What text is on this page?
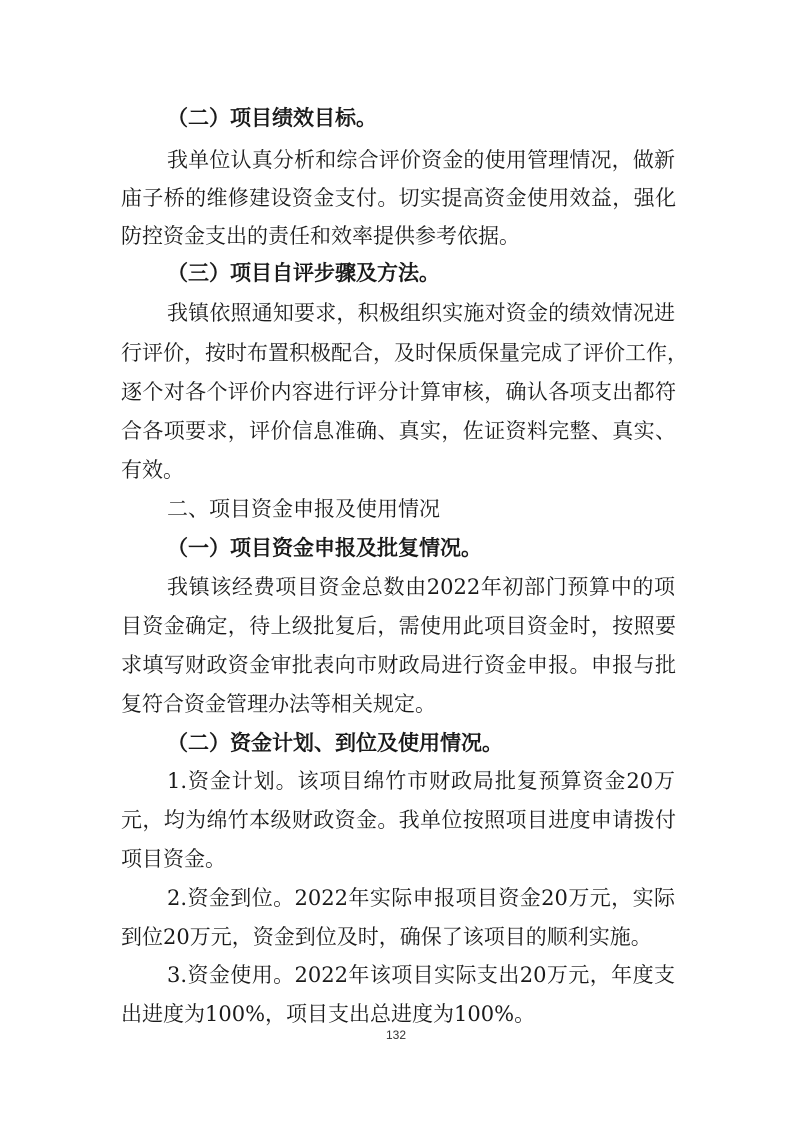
（二）项目绩效目标。
我单位认真分析和综合评价资金的使用管理情况，做新
庙子桥的维修建设资金支付。切实提高资金使用效益，强化
防控资金支出的责任和效率提供参考依据。
（三）项目自评步骤及方法。
我镇依照通知要求，积极组织实施对资金的绩效情况进
行评价，按时布置积极配合，及时保质保量完成了评价工作，
逐个对各个评价内容进行评分计算审核，确认各项支出都符
合各项要求，评价信息准确、真实，佐证资料完整、真实、
有效。
二、项目资金申报及使用情况
（一）项目资金申报及批复情况。
我镇该经费项目资金总数由2022年初部门预算中的项
目资金确定，待上级批复后，需使用此项目资金时，按照要
求填写财政资金审批表向市财政局进行资金申报。申报与批
复符合资金管理办法等相关规定。
（二）资金计划、到位及使用情况。
1.资金计划。该项目绵竹市财政局批复预算资金20万
元，均为绵竹本级财政资金。我单位按照项目进度申请拨付
项目资金。
2.资金到位。2022年实际申报项目资金20万元，实际
到位20万元，资金到位及时，确保了该项目的顺利实施。
3.资金使用。2022年该项目实际支出20万元，年度支
出进度为100%，项目支出总进度为100%。
132
